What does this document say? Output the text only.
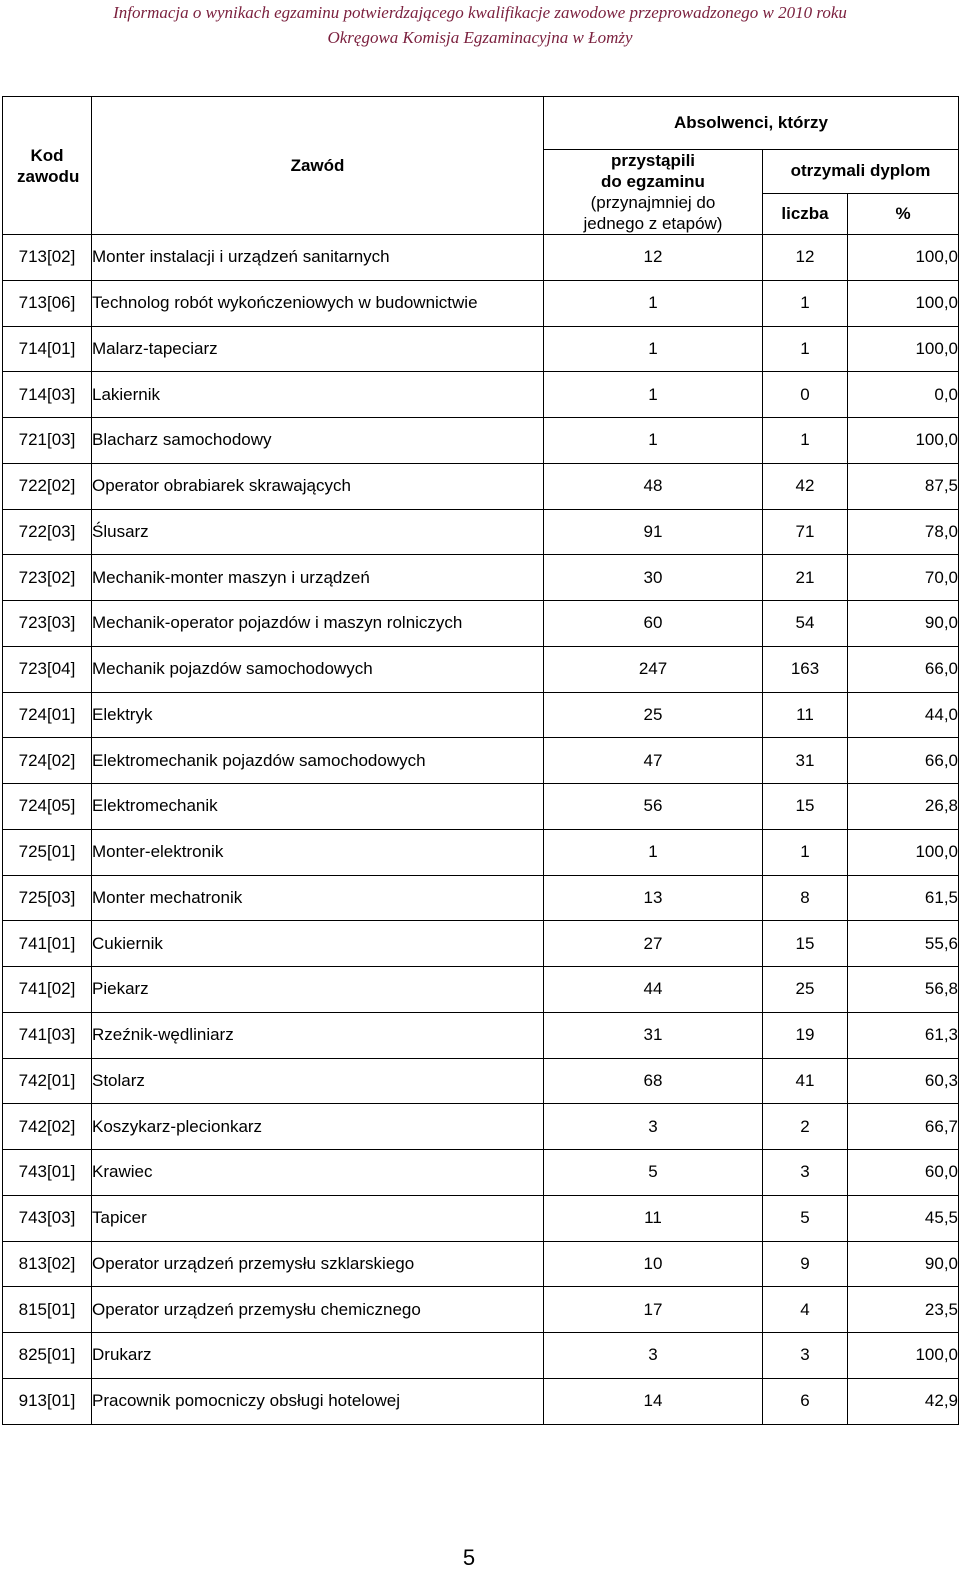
Informacja o wynikach egzaminu potwierdzającego kwalifikacje zawodowe przeprowadzonego w 2010 roku
Okręgowa Komisja Egzaminacyjna w Łomży
Kod zawodu	Zawód	Absolwenci, którzy		

		przystąpili
do egzaminu
(przynajmniej do
jednego z etapów)	otrzymali dyplom	
			liczba	%
713[02]	Monter instalacji i urządzeń sanitarnych	12	12	100,0
713[06]	Technolog robót wykończeniowych w budownictwie	1	1	100,0
714[01]	Malarz-tapeciarz	1	1	100,0
714[03]	Lakiernik	1	0	0,0
721[03]	Blacharz samochodowy	1	1	100,0
722[02]	Operator obrabiarek skrawających	48	42	87,5
722[03]	Ślusarz	91	71	78,0
723[02]	Mechanik-monter maszyn i urządzeń	30	21	70,0
723[03]	Mechanik-operator pojazdów i maszyn rolniczych	60	54	90,0
723[04]	Mechanik pojazdów samochodowych	247	163	66,0
724[01]	Elektryk	25	11	44,0
724[02]	Elektromechanik pojazdów samochodowych	47	31	66,0
724[05]	Elektromechanik	56	15	26,8
725[01]	Monter-elektronik	1	1	100,0
725[03]	Monter mechatronik	13	8	61,5
741[01]	Cukiernik	27	15	55,6
741[02]	Piekarz	44	25	56,8
741[03]	Rzeźnik-wędliniarz	31	19	61,3
742[01]	Stolarz	68	41	60,3
742[02]	Koszykarz-plecionkarz	3	2	66,7
743[01]	Krawiec	5	3	60,0
743[03]	Tapicer	11	5	45,5
813[02]	Operator urządzeń przemysłu szklarskiego	10	9	90,0
815[01]	Operator urządzeń przemysłu chemicznego	17	4	23,5
825[01]	Drukarz	3	3	100,0
913[01]	Pracownik pomocniczy obsługi hotelowej	14	6	42,9
5
